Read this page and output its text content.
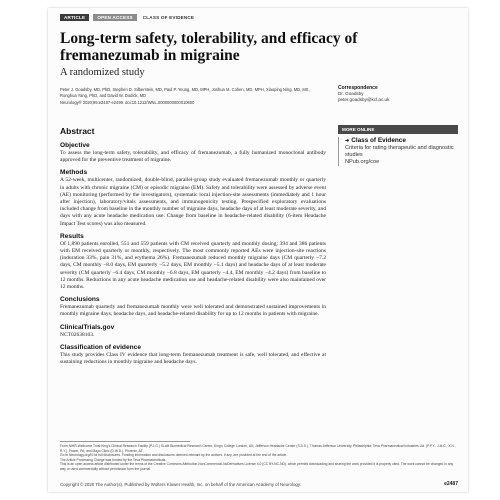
ARTICLE	OPEN ACCESS	CLASS OF EVIDENCE
Long-term safety, tolerability, and efficacy of fremanezumab in migraine
A randomized study
Peter J. Goadsby, MD, PhD, Stephen D. Silberstein, MD, Paul P. Yeung, MD, MPH, Joshua M. Cohen, MD, MPH, Xiaoping Ning, MD, MS, Ronghua Yang, PhD, and David W. Dodick, MD
Neurology® 2020;95:e2487-e2499. doi:10.1212/WNL.0000000000010600
Correspondence
Dr. Goadsby
peter.goadsby@kcl.ac.uk
MORE ONLINE
➜ Class of Evidence
Criteria for rating therapeutic and diagnostic studies
NPub.org/coe
Abstract
Objective

To assess the long-term safety, tolerability, and efficacy of fremanezumab, a fully humanized monoclonal antibody approved for the preventive treatment of migraine.

Methods

A 52-week, multicenter, randomized, double-blind, parallel-group study evaluated fremanezumab monthly or quarterly in adults with chronic migraine (CM) or episodic migraine (EM). Safety and tolerability were assessed by adverse event (AE) monitoring (performed by the investigators), systematic local injection-site assessments (immediately and 1 hour after injection), laboratory/vitals assessments, and immunogenicity testing. Prespecified exploratory evaluations included change from baseline in the monthly number of migraine days, headache days of at least moderate severity, and days with any acute headache medication use. Change from baseline in headache-related disability (6-item Headache Impact Test scores) was also measured.

Results

Of 1,890 patients enrolled, 551 and 559 patients with CM received quarterly and monthly dosing; 394 and 386 patients with EM received quarterly or monthly, respectively. The most commonly reported AEs were injection-site reactions (induration 33%, pain 31%, and erythema 26%). Fremanezumab reduced monthly migraine days (CM quarterly −7.2 days, CM monthly −8.0 days, EM quarterly −5.2 days, EM monthly −5.1 days) and headache days of at least moderate severity (CM quarterly −6.4 days, CM monthly −6.8 days, EM quarterly −4.4, EM monthly −4.2 days) from baseline to 12 months. Reductions in any acute headache medication use and headache-related disability were also maintained over 12 months.

Conclusions

Fremanezumab quarterly and fremanezumab monthly were well tolerated and demonstrated sustained improvements in monthly migraine days, headache days, and headache-related disability for up to 12 months in patients with migraine.

ClinicalTrials.gov

NCT02638103.

Classification of evidence

This study provides Class IV evidence that long-term fremanezumab treatment is safe, well tolerated, and effective at sustaining reductions in monthly migraine and headache days.

From NIHR-Wellcome Trust King's Clinical Research Facility (P.J.G.) SLaM Biomedical Research Centre, King's College London, UK; Jefferson Headache Center (S.D.S.), Thomas Jefferson University, Philadelphia; Teva Pharmaceutical Industries Ltd. (P.P.Y., J.M.C., X.N., R.Y.), Frazer, PA; and Mayo Clinic (D.W.D.), Phoenix, AZ.
Go to Neurology.org/N for full disclosures. Funding information and disclosures deemed relevant by the authors, if any, are provided at the end of the article.
The Article Processing Charge was funded by the Teva Pharmaceuticals.
This is an open access article distributed under the terms of the Creative Commons Attribution-NonCommercial-NoDerivatives License 4.0 (CC BY-NC-ND), which permits downloading and sharing the work provided it is properly cited. The work cannot be changed in any way or used commercially without permission from the journal.
Copyright © 2020 The Author(s). Published by Wolters Kluwer Health, Inc. on behalf of the American Academy of Neurology.	e2487
